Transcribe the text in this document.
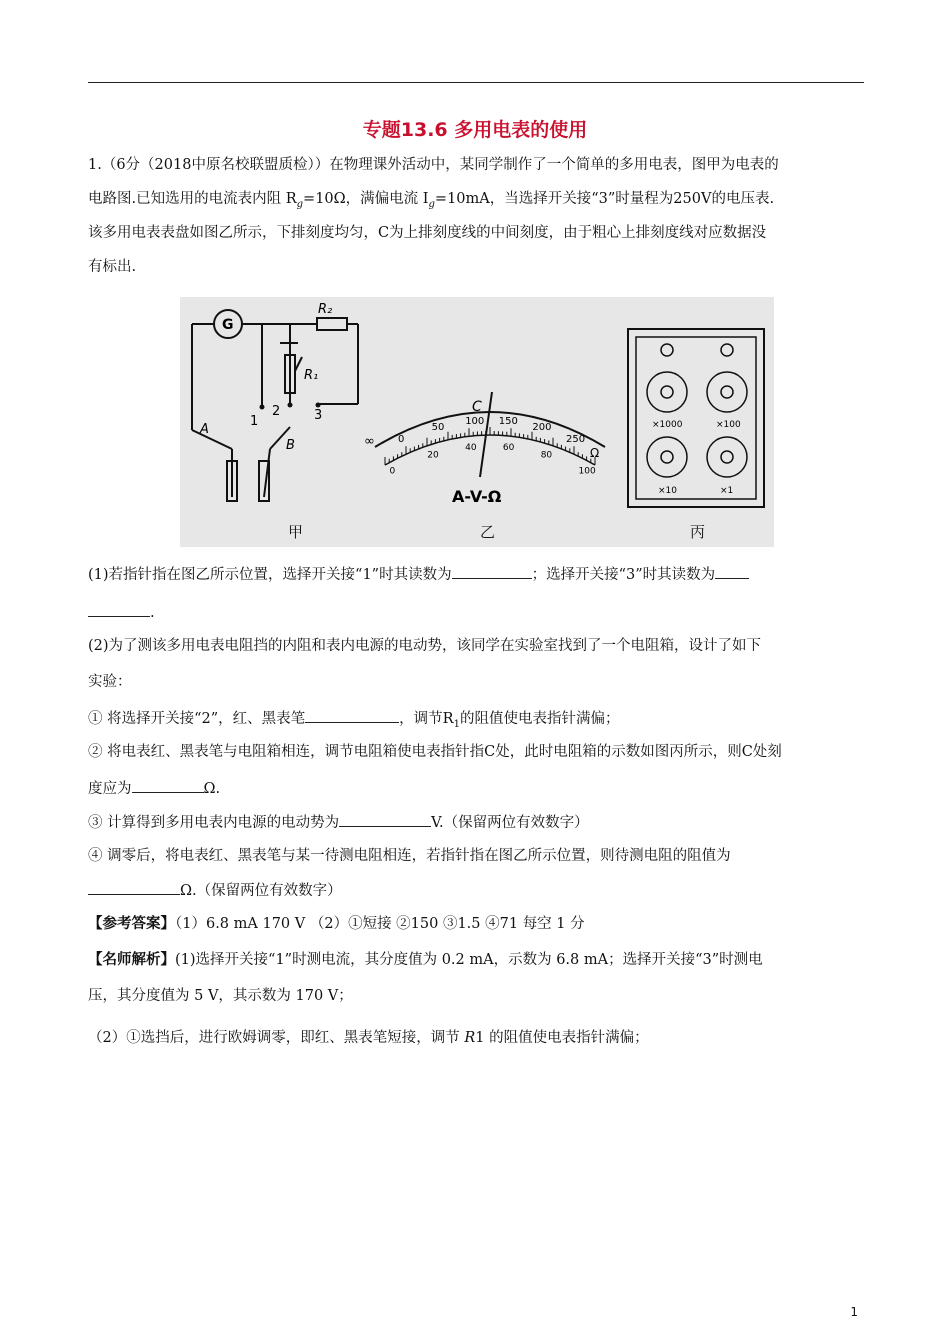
专题13.6 多用电表的使用
1.（6分（2018中原名校联盟质检））在物理课外活动中，某同学制作了一个简单的多用电表，图甲为电表的
电路图.已知选用的电流表内阻 $R_g=10\Omega$，满偏电流 $I_g=10mA$，当选择开关接“3”时量程为250V的电压表.
该多用电表表盘如图乙所示，下排刻度均匀，C为上排刻度线的中间刻度，由于粗心上排刻度线对应数据没
有标出.
G
R₂
R₁
1
2	3
A
B	∞
Ω
C
A-V-Ω
0
50
100 150
200
250
0
20
40	60
80
100
×1000	×100
×10	×1
甲	乙	丙
(1)若指针指在图乙所示位置，选择开关接“1”时其读数为	；选择开关接“3”时其读数为
.
(2)为了测该多用电表电阻挡的内阻和表内电源的电动势，该同学在实验室找到了一个电阻箱，设计了如下
实验：
① 将选择开关接“2”，红、黑表笔	，调节$R_1$的阻值使电表指针满偏；
② 将电表红、黑表笔与电阻箱相连，调节电阻箱使电表指针指C处，此时电阻箱的示数如图丙所示，则C处刻
度应为	Ω.
③ 计算得到多用电表内电源的电动势为	V.（保留两位有效数字）
④ 调零后，将电表红、黑表笔与某一待测电阻相连，若指针指在图乙所示位置，则待测电阻的阻值为
Ω.（保留两位有效数字）
【参考答案】（1）6.8 mA 170 V （2）①短接 ②150 ③1.5 ④71 每空 1 分
【名师解析】(1)选择开关接“1”时测电流，其分度值为 0.2 mA，示数为 6.8 mA；选择开关接“3”时测电
压，其分度值为 5 V，其示数为 170 V；
（2）①选挡后，进行欧姆调零，即红、黑表笔短接，调节 R1 的阻值使电表指针满偏；
1
